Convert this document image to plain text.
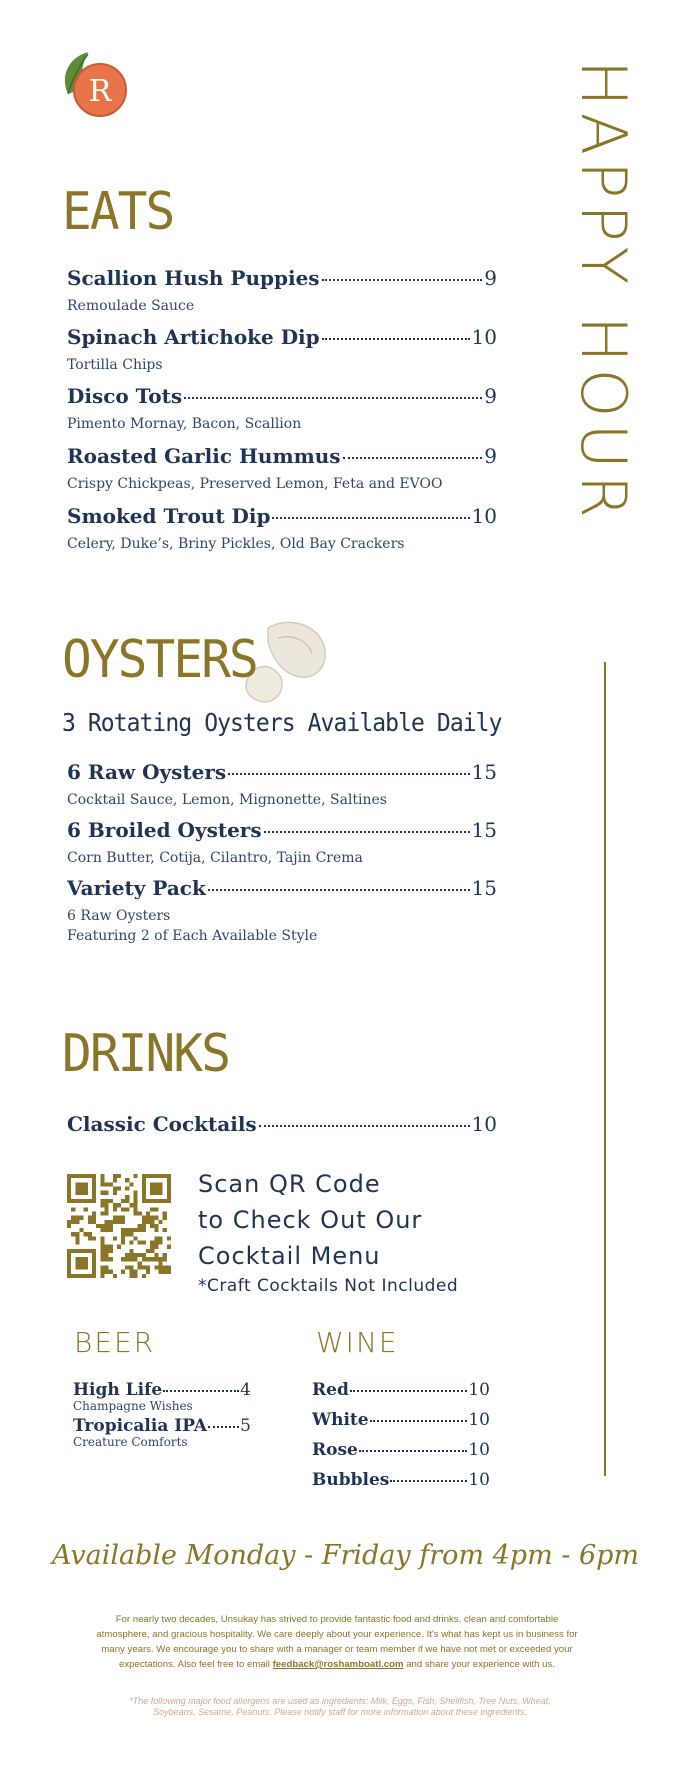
R	HAPPY HOUR
EATS
Scallion Hush Puppies	9
Remoulade Sauce
Spinach Artichoke Dip	10
Tortilla Chips
Disco Tots	9
Pimento Mornay, Bacon, Scallion
Roasted Garlic Hummus	9
Crispy Chickpeas, Preserved Lemon, Feta and EVOO
Smoked Trout Dip	10
Celery, Duke’s, Briny Pickles, Old Bay Crackers
OYSTERS
3 Rotating Oysters Available Daily
6 Raw Oysters	15
Cocktail Sauce, Lemon, Mignonette, Saltines
6 Broiled Oysters	15
Corn Butter, Cotija, Cilantro, Tajin Crema
Variety Pack	15
6 Raw Oysters
Featuring 2 of Each Available Style
DRINKS
Classic Cocktails	10
Scan QR Code
to Check Out Our
Cocktail Menu
*Craft Cocktails Not Included
BEER
High Life	4
Champagne Wishes
Tropicalia IPA 5
Creature Comforts
WINE
Red	10
White	10
Rose	10
Bubbles	10
Available Monday - Friday from 4pm - 6pm
For nearly two decades, Unsukay has strived to provide fantastic food and drinks, clean and comfortable atmosphere, and gracious hospitality. We care deeply about your experience. It's what has kept us in business for many years. We encourage you to share with a manager or team member if we have not met or exceeded your expectations. Also feel free to email feedback@roshamboatl.com and share your experience with us.
*The following major food allergens are used as ingredients: Milk, Eggs, Fish, Shellfish, Tree Nuts, Wheat, Soybeans, Sesame, Peanuts. Please notify staff for more information about these ingredients.
